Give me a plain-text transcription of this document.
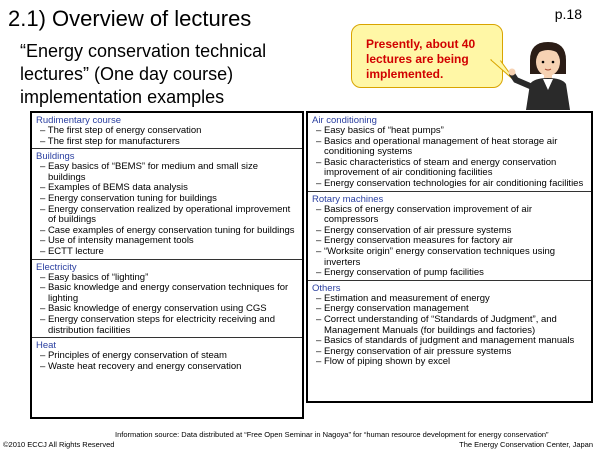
2.1) Overview of lectures	p.18
“Energy conservation technical
lectures” (One day course)
implementation examples
Presently, about 40 lectures are being implemented.
Rudimentary course
– The first step of energy conservation
– The first step for manufacturers
Buildings
– Easy basics of “BEMS” for medium and small size buildings
– Examples of BEMS data analysis
– Energy conservation tuning for buildings
– Energy conservation realized by operational improvement of buildings
– Case examples of energy conservation tuning for buildings
– Use of intensity management tools
– ECTT lecture
Electricity
– Easy basics of “lighting”
– Basic knowledge and energy conservation techniques for lighting
– Basic knowledge of energy conservation using CGS
– Energy conservation steps for electricity receiving and distribution facilities
Heat
– Principles of energy conservation of steam
– Waste heat recovery and energy conservation
Air conditioning
– Easy basics of “heat pumps”
– Basics and operational management of heat storage air conditioning systems
– Basic characteristics of steam and energy conservation improvement of air conditioning facilities
– Energy conservation technologies for air conditioning facilities
Rotary machines
– Basics of energy conservation improvement of air compressors
– Energy conservation of air pressure systems
– Energy conservation measures for factory air
– “Worksite origin” energy conservation techniques using inverters
– Energy conservation of pump facilities
Others
– Estimation and measurement of energy
– Energy conservation management
– Correct understanding of “Standards of Judgment”, and Management Manuals (for buildings and factories)
– Basics of standards of judgment and management manuals
– Energy conservation of air pressure systems
– Flow of piping shown by excel
Information source: Data distributed at “Free Open Seminar in Nagoya” for “human resource development for energy conservation”
©2010 ECCJ All Rights Reserved	The Energy Conservation Center, Japan
